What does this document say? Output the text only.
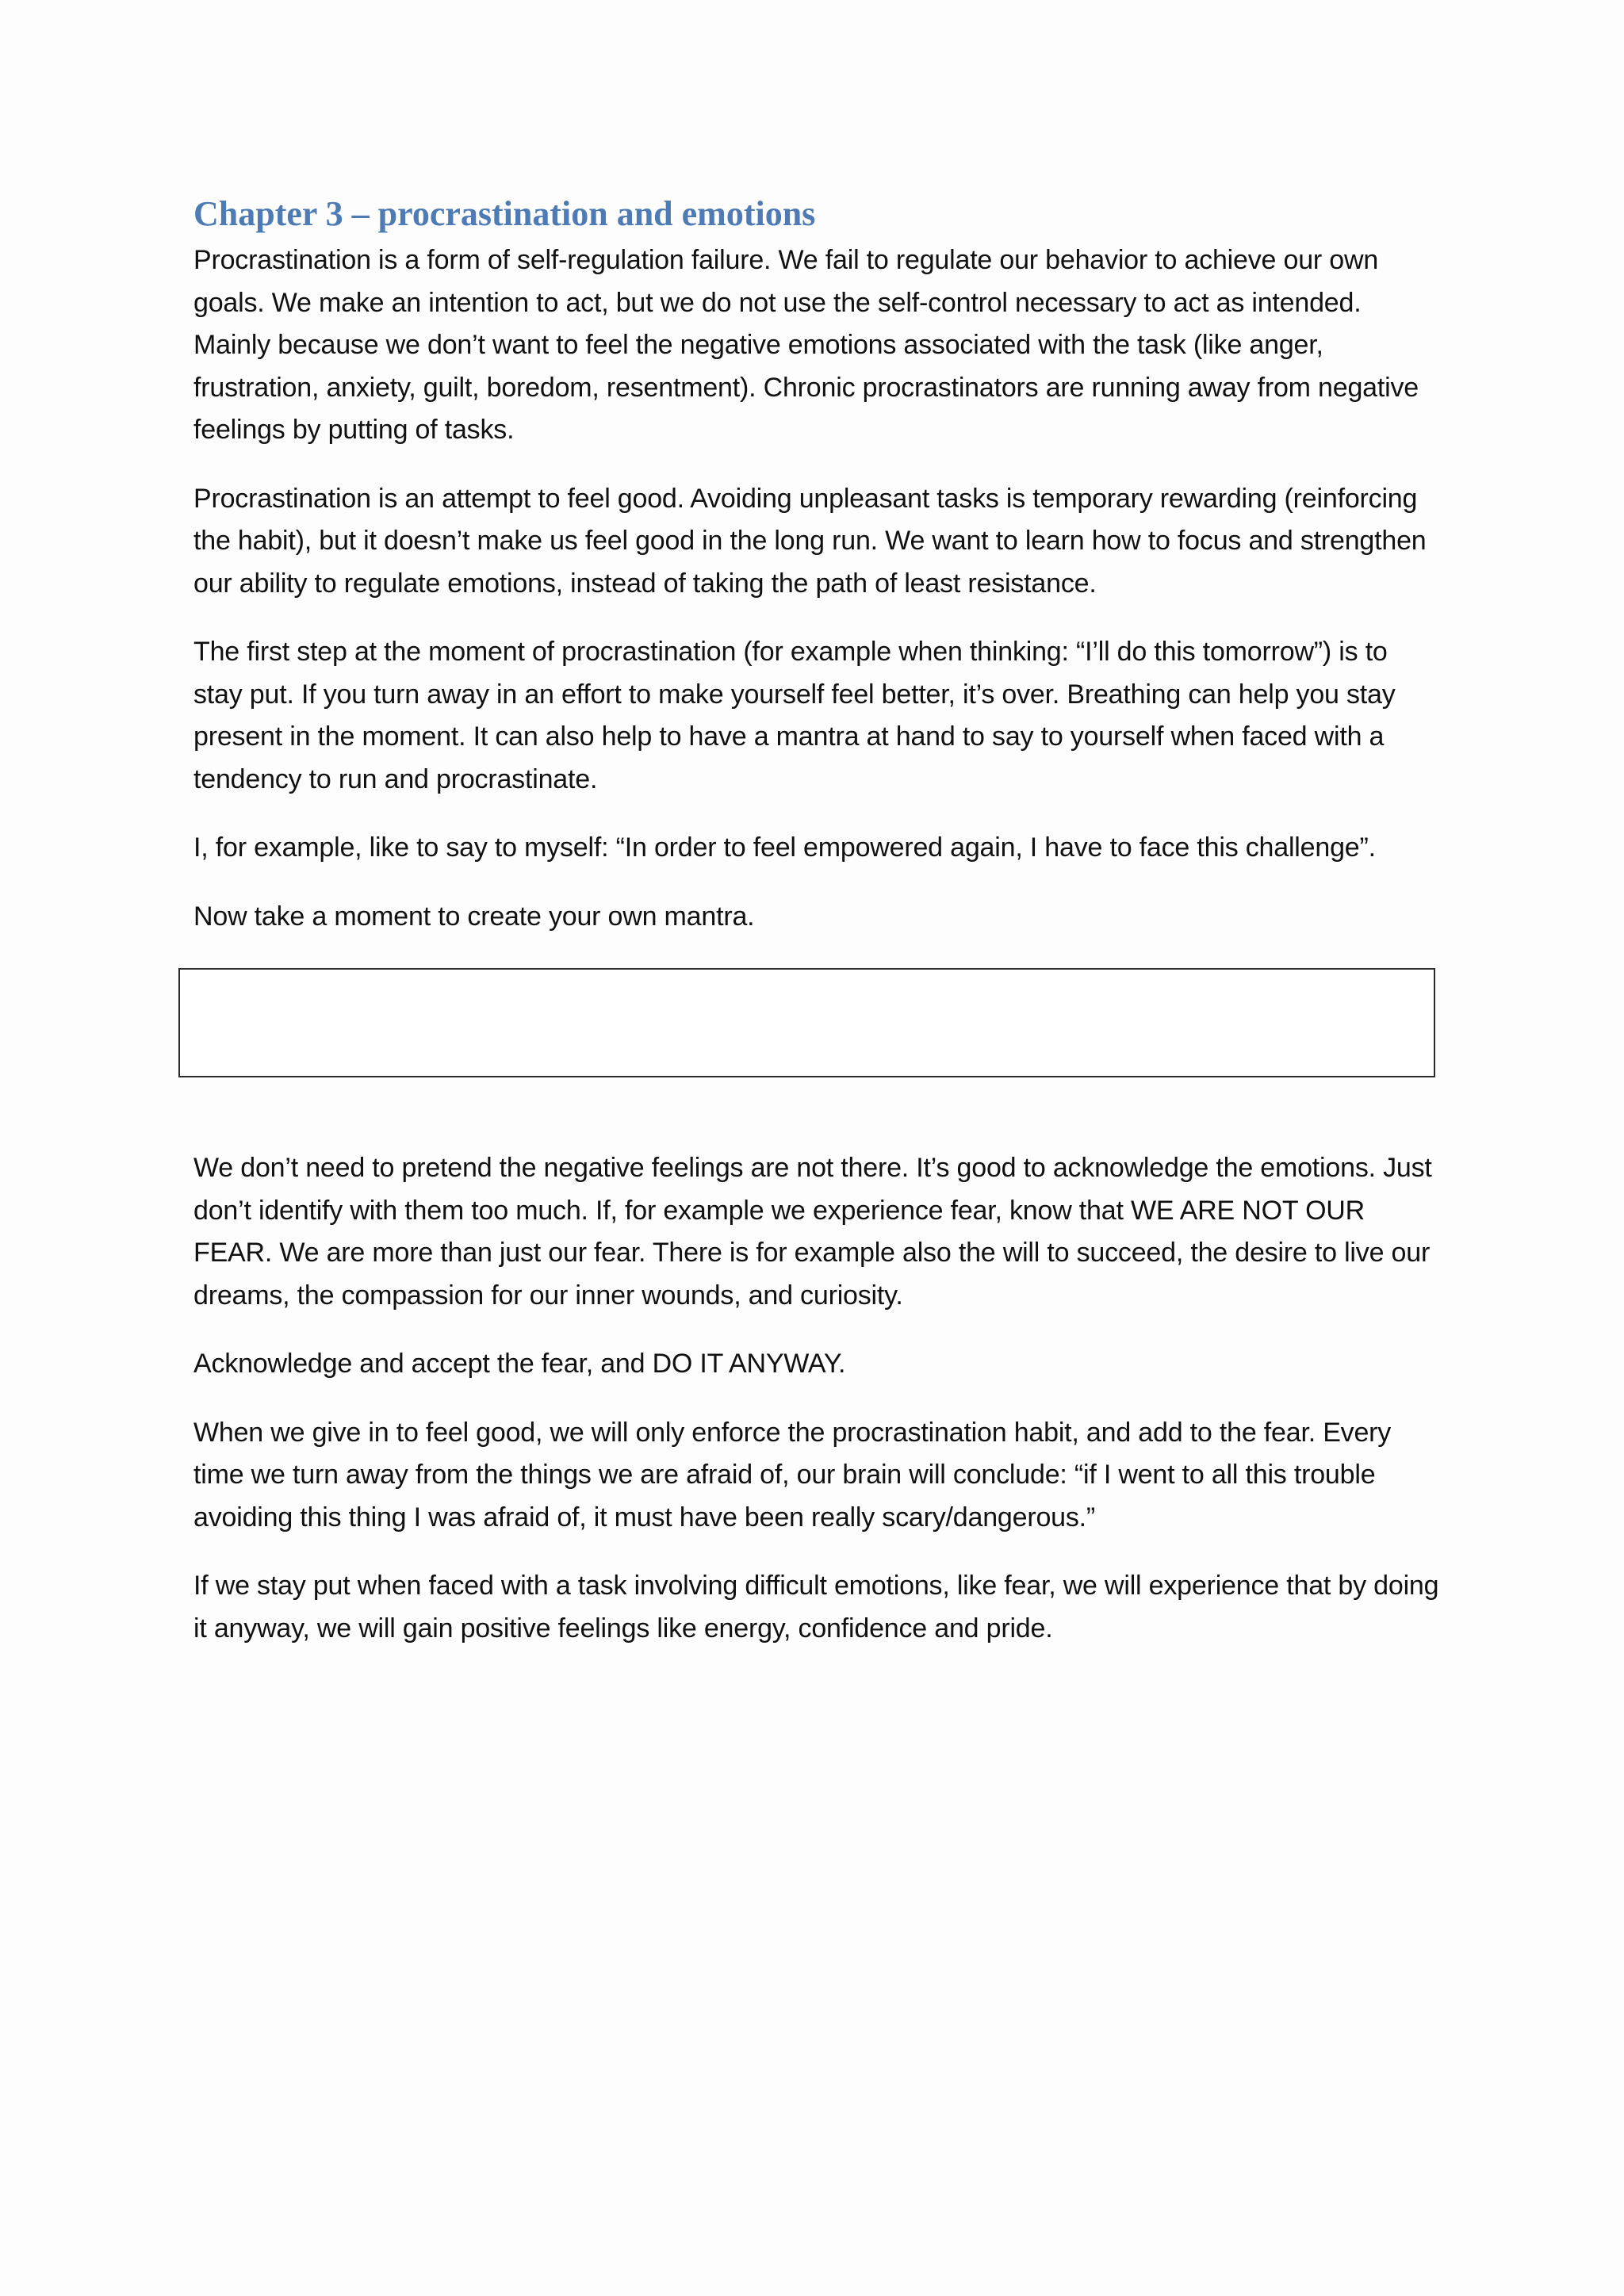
Chapter 3 – procrastination and emotions

Procrastination is a form of self-regulation failure. We fail to regulate our behavior to achieve our own goals. We make an intention to act, but we do not use the self-control necessary to act as intended. Mainly because we don’t want to feel the negative emotions associated with the task (like anger, frustration, anxiety, guilt, boredom, resentment). Chronic procrastinators are running away from negative feelings by putting of tasks.

Procrastination is an attempt to feel good. Avoiding unpleasant tasks is temporary rewarding (reinforcing the habit), but it doesn’t make us feel good in the long run. We want to learn how to focus and strengthen our ability to regulate emotions, instead of taking the path of least resistance.

The first step at the moment of procrastination (for example when thinking: “I’ll do this tomorrow”) is to stay put. If you turn away in an effort to make yourself feel better, it’s over. Breathing can help you stay present in the moment. It can also help to have a mantra at hand to say to yourself when faced with a tendency to run and procrastinate.

I, for example, like to say to myself: “In order to feel empowered again, I have to face this challenge”.

Now take a moment to create your own mantra.

We don’t need to pretend the negative feelings are not there. It’s good to acknowledge the emotions. Just don’t identify with them too much. If, for example we experience fear, know that WE ARE NOT OUR FEAR. We are more than just our fear. There is for example also the will to succeed, the desire to live our dreams, the compassion for our inner wounds, and curiosity.

Acknowledge and accept the fear, and DO IT ANYWAY.

When we give in to feel good, we will only enforce the procrastination habit, and add to the fear. Every time we turn away from the things we are afraid of, our brain will conclude: “if I went to all this trouble avoiding this thing I was afraid of, it must have been really scary/dangerous.”

If we stay put when faced with a task involving difficult emotions, like fear, we will experience that by doing it anyway, we will gain positive feelings like energy, confidence and pride.
